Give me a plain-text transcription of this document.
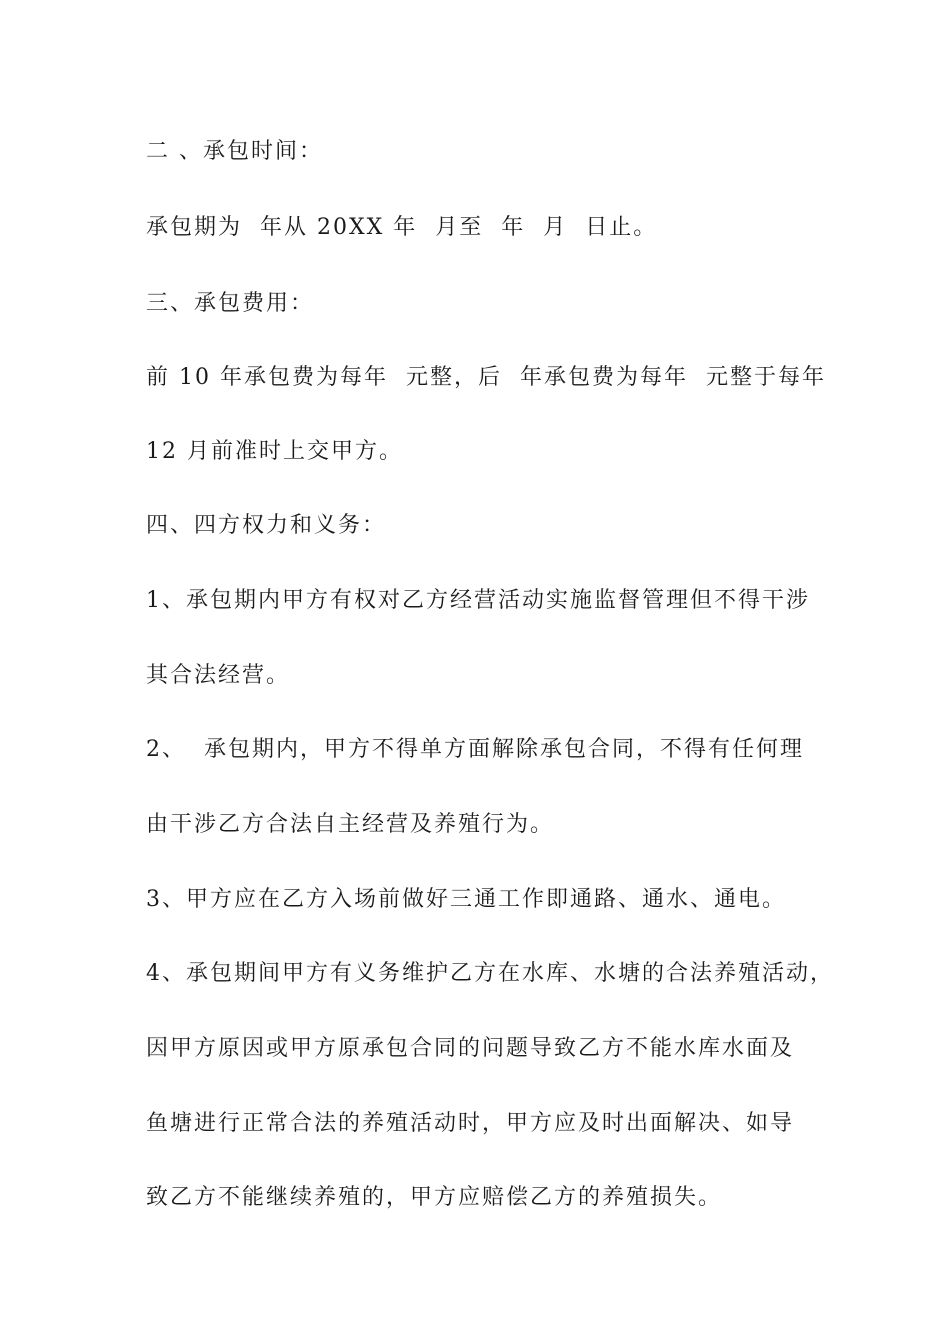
二 、承包时间：
承包期为  年从 20XX 年  月至  年  月  日止。
三、承包费用：
前 10 年承包费为每年  元整，后  年承包费为每年  元整于每年
12 月前准时上交甲方。
四、四方权力和义务：
1、承包期内甲方有权对乙方经营活动实施监督管理但不得干涉
其合法经营。
2、  承包期内，甲方不得单方面解除承包合同，不得有任何理
由干涉乙方合法自主经营及养殖行为。
3、甲方应在乙方入场前做好三通工作即通路、通水、通电。
4、承包期间甲方有义务维护乙方在水库、水塘的合法养殖活动，
因甲方原因或甲方原承包合同的问题导致乙方不能水库水面及
鱼塘进行正常合法的养殖活动时，甲方应及时出面解决、如导
致乙方不能继续养殖的，甲方应赔偿乙方的养殖损失。
